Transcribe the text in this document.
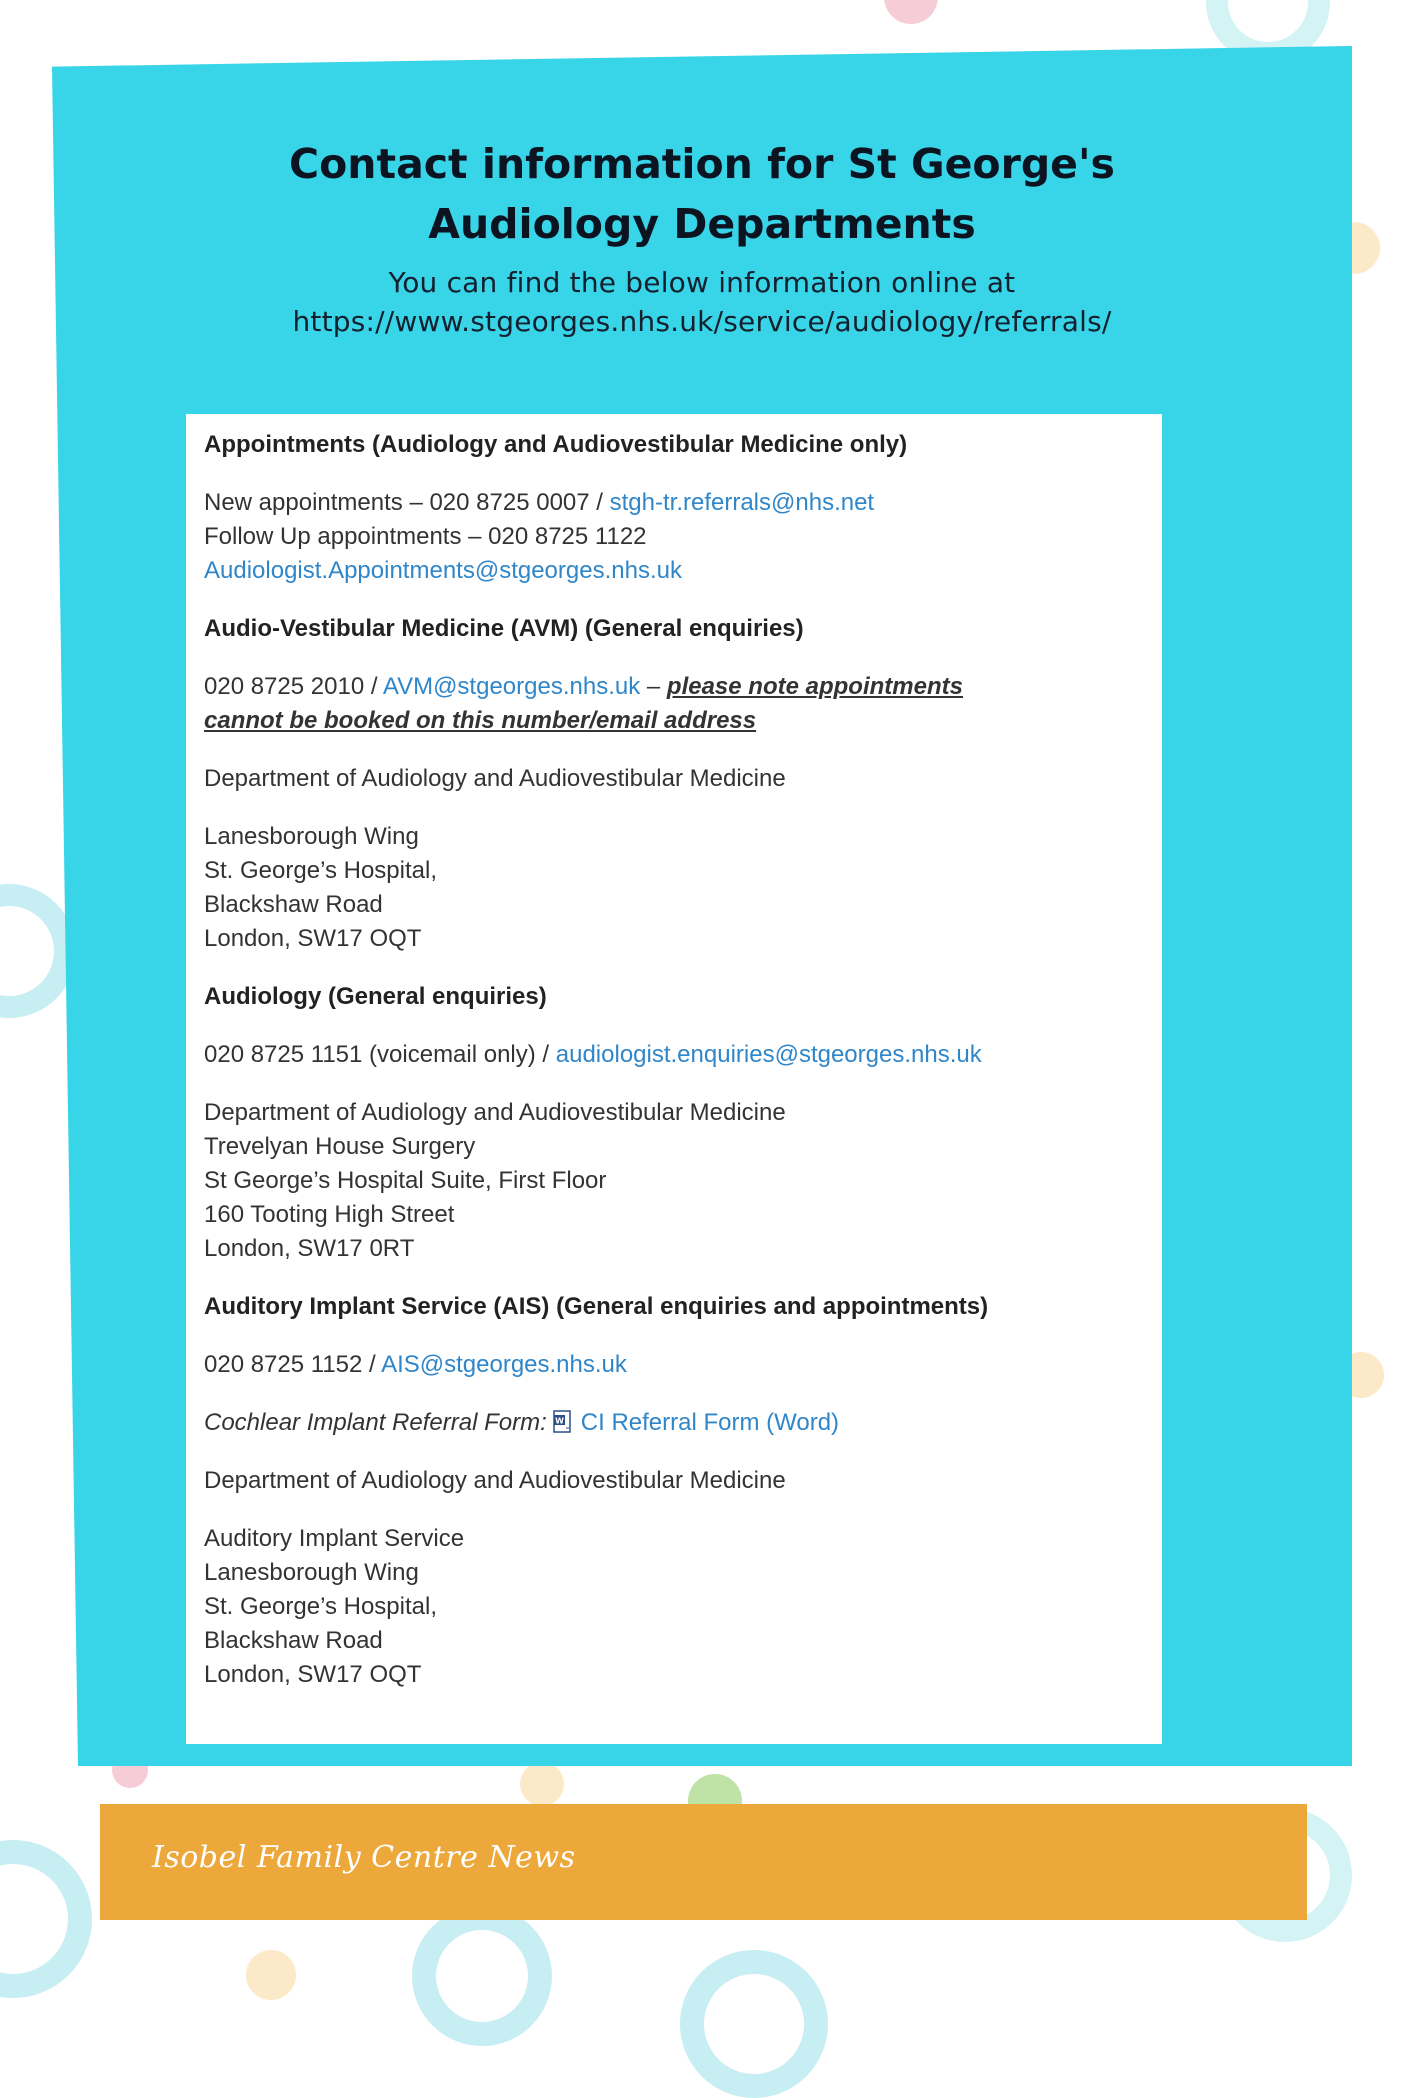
Contact information for St George's
Audiology Departments

You can find the below information online at
https://www.stgeorges.nhs.uk/service/audiology/referrals/

Appointments (Audiology and Audiovestibular Medicine only)

New appointments – 020 8725 0007 / stgh-tr.referrals@nhs.net
Follow Up appointments – 020 8725 1122
Audiologist.Appointments@stgeorges.nhs.uk

Audio-Vestibular Medicine (AVM) (General enquiries)

020 8725 2010 / AVM@stgeorges.nhs.uk – please note appointments
cannot be booked on this number/email address

Department of Audiology and Audiovestibular Medicine

Lanesborough Wing
St. George’s Hospital,
Blackshaw Road
London, SW17 OQT

Audiology (General enquiries)

020 8725 1151 (voicemail only) / audiologist.enquiries@stgeorges.nhs.uk

Department of Audiology and Audiovestibular Medicine
Trevelyan House Surgery
St George’s Hospital Suite, First Floor
160 Tooting High Street
London, SW17 0RT

Auditory Implant Service (AIS) (General enquiries and appointments)

020 8725 1152 / AIS@stgeorges.nhs.uk

Cochlear Implant Referral Form: W CI Referral Form (Word)

Department of Audiology and Audiovestibular Medicine

Auditory Implant Service
Lanesborough Wing
St. George’s Hospital,
Blackshaw Road
London, SW17 OQT

Isobel Family Centre News
